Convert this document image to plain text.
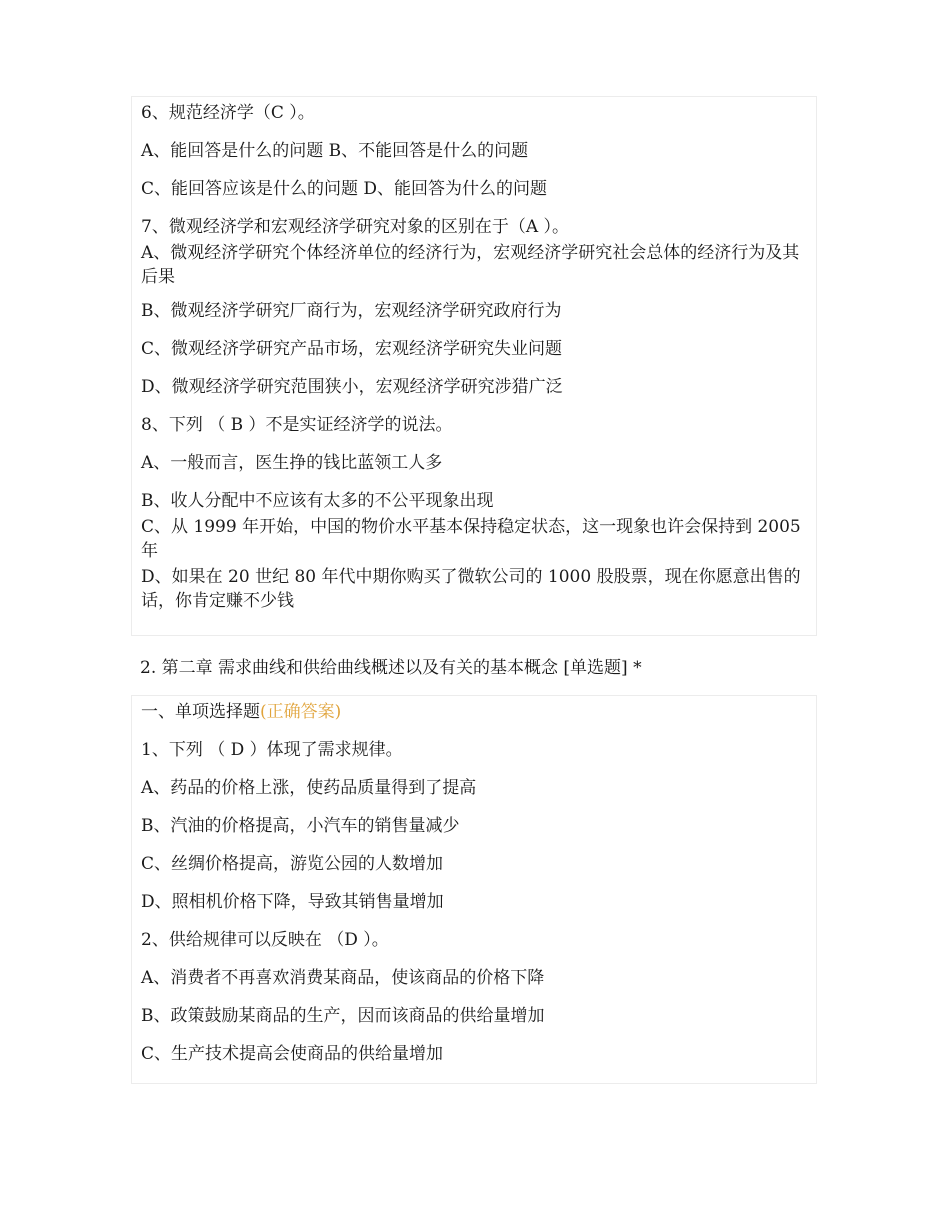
6、规范经济学（C ）。

A、能回答是什么的问题 B、不能回答是什么的问题

C、能回答应该是什么的问题 D、能回答为什么的问题

7、微观经济学和宏观经济学研究对象的区别在于（A ）。

A、微观经济学研究个体经济单位的经济行为，宏观经济学研究社会总体的经济行为及其后果

B、微观经济学研究厂商行为，宏观经济学研究政府行为

C、微观经济学研究产品市场，宏观经济学研究失业问题

D、微观经济学研究范围狭小，宏观经济学研究涉猎广泛

8、下列 （ B ）不是实证经济学的说法。

A、一般而言，医生挣的钱比蓝领工人多

B、收人分配中不应该有太多的不公平现象出现

C、从 1999 年开始，中国的物价水平基本保持稳定状态，这一现象也许会保持到 2005 年

D、如果在 20 世纪 80 年代中期你购买了微软公司的 1000 股股票，现在你愿意出售的话，你肯定赚不少钱

2. 第二章 需求曲线和供给曲线概述以及有关的基本概念 [单选题] *

一、单项选择题(正确答案)

1、下列 （ D ）体现了需求规律。

A、药品的价格上涨，使药品质量得到了提高

B、汽油的价格提高，小汽车的销售量减少

C、丝绸价格提高，游览公园的人数增加

D、照相机价格下降，导致其销售量增加

2、供给规律可以反映在 （D ）。

A、消费者不再喜欢消费某商品，使该商品的价格下降

B、政策鼓励某商品的生产，因而该商品的供给量增加

C、生产技术提高会使商品的供给量增加
